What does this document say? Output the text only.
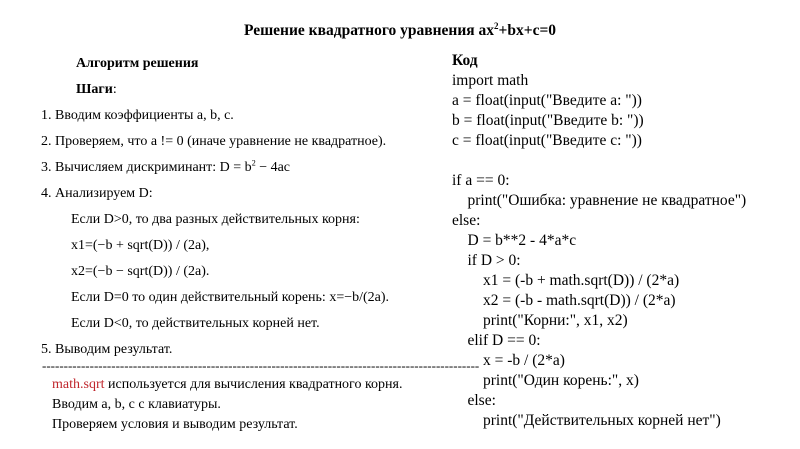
Решение квадратного уравнения $ax^2+bx+c=0$
Алгоритм решения
Шаги:
1. Вводим коэффициенты a, b, c.
2. Проверяем, что a != 0 (иначе уравнение не квадратное).
3. Вычисляем дискриминант: $D = b^2 - 4ac$
4. Анализируем D:
Если D>0, то два разных действительных корня:
x1=(−b + sqrt(D)) / (2a),
x2=(−b − sqrt(D)) / (2a).
Если D=0 то один действительный корень: x=−b/(2a).
Если D<0, то действительных корней нет.
5. Выводим результат.
-----------------------------------------------------------------------------------------------------
math.sqrt используется для вычисления квадратного корня.
Вводим a, b, c с клавиатуры.
Проверяем условия и выводим результат.
Код
import math
a = float(input("Введите a: "))
b = float(input("Введите b: "))
c = float(input("Введите c: "))
if a == 0:
print("Ошибка: уравнение не квадратное")
else:
D = b**2 - 4*a*c
if D > 0:
x1 = (-b + math.sqrt(D)) / (2*a)
x2 = (-b - math.sqrt(D)) / (2*a)
print("Корни:", x1, x2)
elif D == 0:
x = -b / (2*a)
print("Один корень:", x)
else:
print("Действительных корней нет")
